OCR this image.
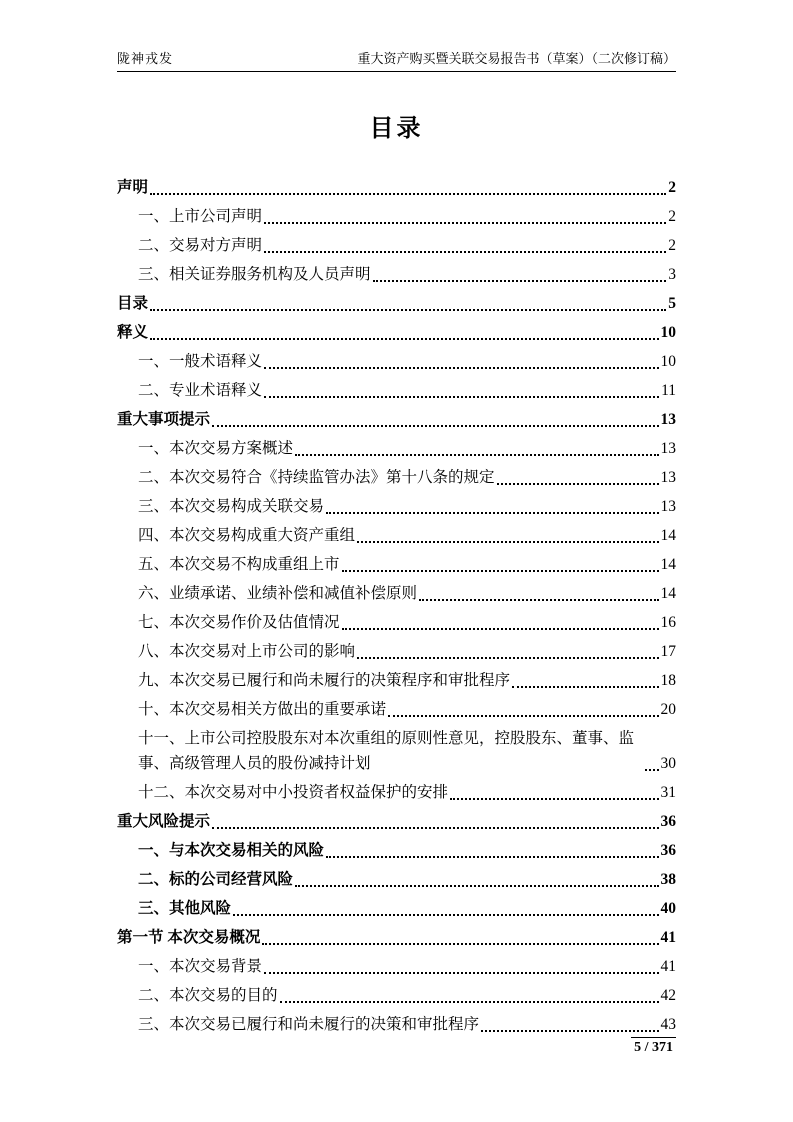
陇神戎发	重大资产购买暨关联交易报告书（草案）（二次修订稿）
目录
声明	2
一、上市公司声明	2
二、交易对方声明	2
三、相关证券服务机构及人员声明	3
目录	5
释义	10
一、一般术语释义	10
二、专业术语释义	11
重大事项提示	13
一、本次交易方案概述	13
二、本次交易符合《持续监管办法》第十八条的规定	13
三、本次交易构成关联交易	13
四、本次交易构成重大资产重组	14
五、本次交易不构成重组上市	14
六、业绩承诺、业绩补偿和减值补偿原则	14
七、本次交易作价及估值情况	16
八、本次交易对上市公司的影响	17
九、本次交易已履行和尚未履行的决策程序和审批程序	18
十、本次交易相关方做出的重要承诺	20
十一、上市公司控股股东对本次重组的原则性意见，控股股东、董事、监事、高级管理人员的股份减持计划	30
十二、本次交易对中小投资者权益保护的安排	31
重大风险提示	36
一、与本次交易相关的风险	36
二、标的公司经营风险	38
三、其他风险	40
第一节 本次交易概况	41
一、本次交易背景	41
二、本次交易的目的	42
三、本次交易已履行和尚未履行的决策和审批程序	43
5 / 371
